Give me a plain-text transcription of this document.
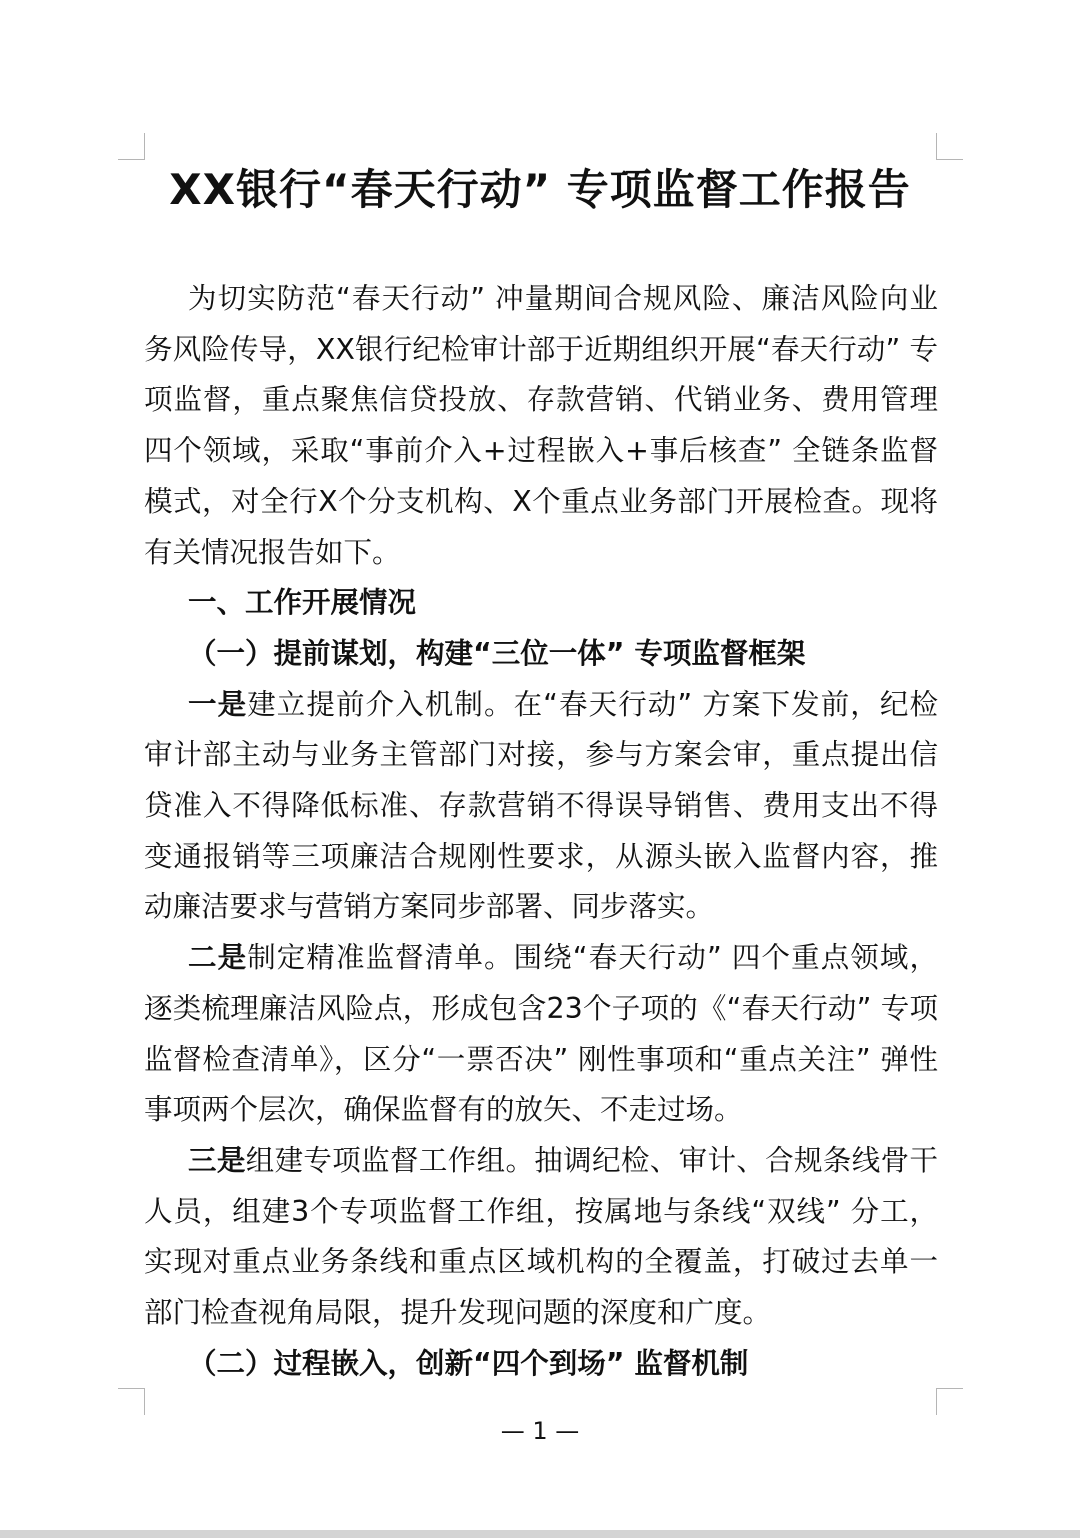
XX银行“春天行动” 专项监督工作报告

为切实防范“春天行动” 冲量期间合规风险、廉洁风险向业务风险传导，XX银行纪检审计部于近期组织开展“春天行动” 专项监督，重点聚焦信贷投放、存款营销、代销业务、费用管理四个领域，采取“事前介入+过程嵌入+事后核查” 全链条监督模式，对全行X个分支机构、X个重点业务部门开展检查。现将有关情况报告如下。

一、工作开展情况

（一）提前谋划，构建“三位一体” 专项监督框架

一是建立提前介入机制。在“春天行动” 方案下发前，纪检审计部主动与业务主管部门对接，参与方案会审，重点提出信贷准入不得降低标准、存款营销不得误导销售、费用支出不得变通报销等三项廉洁合规刚性要求，从源头嵌入监督内容，推动廉洁要求与营销方案同步部署、同步落实。

二是制定精准监督清单。围绕“春天行动” 四个重点领域，逐类梳理廉洁风险点，形成包含23个子项的《“春天行动” 专项监督检查清单》，区分“一票否决” 刚性事项和“重点关注” 弹性事项两个层次，确保监督有的放矢、不走过场。

三是组建专项监督工作组。抽调纪检、审计、合规条线骨干人员，组建3个专项监督工作组，按属地与条线“双线” 分工，实现对重点业务条线和重点区域机构的全覆盖，打破过去单一部门检查视角局限，提升发现问题的深度和广度。

（二）过程嵌入，创新“四个到场” 监督机制

— 1 —
